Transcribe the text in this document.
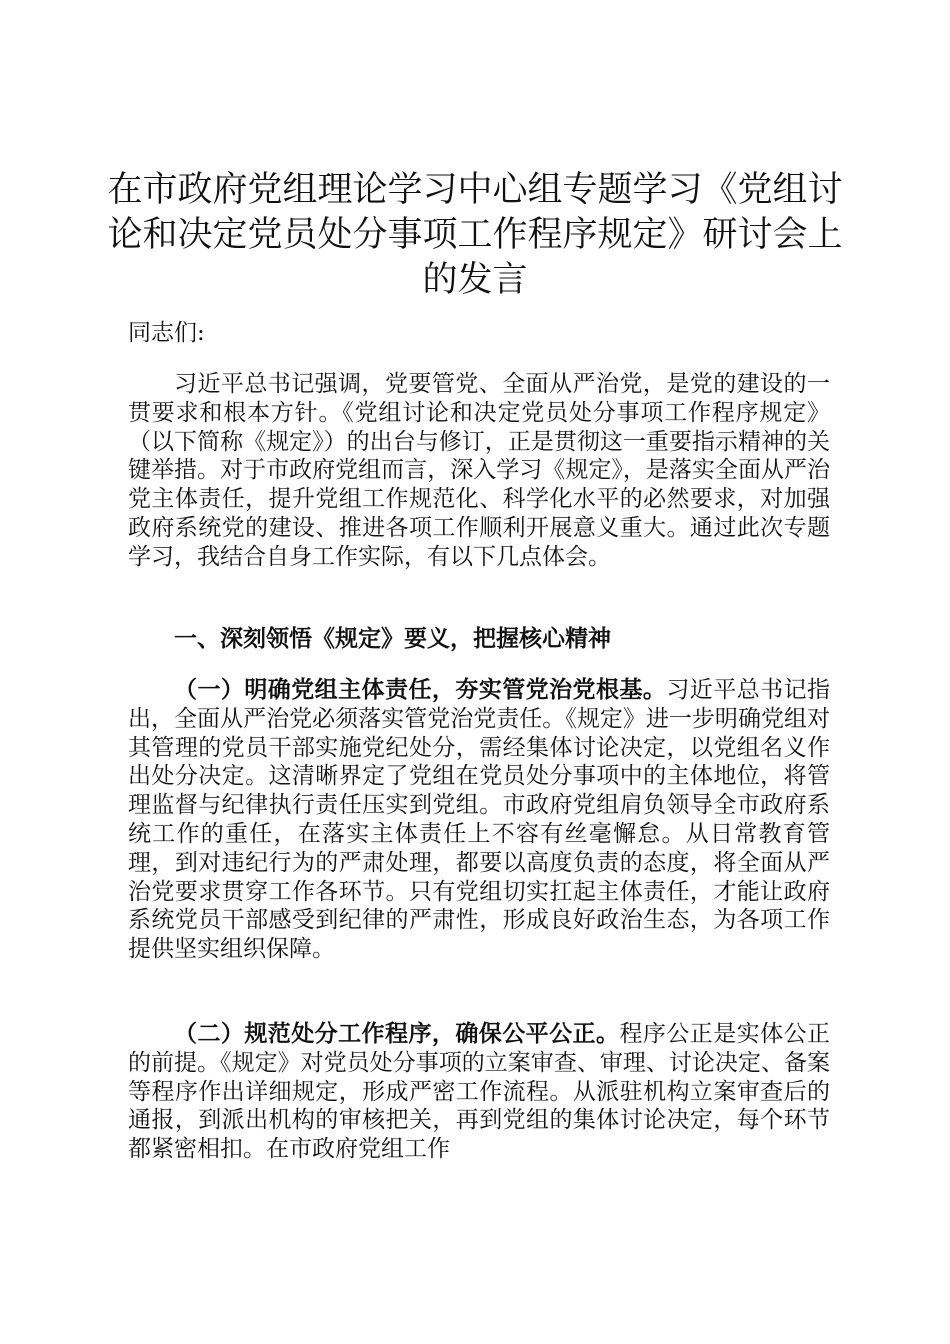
在市政府党组理论学习中心组专题学习《党组讨论和决定党员处分事项工作程序规定》研讨会上的发言

同志们:

习近平总书记强调，党要管党、全面从严治党，是党的建设的一贯要求和根本方针。《党组讨论和决定党员处分事项工作程序规定》（以下简称《规定》）的出台与修订，正是贯彻这一重要指示精神的关键举措。对于市政府党组而言，深入学习《规定》，是落实全面从严治党主体责任，提升党组工作规范化、科学化水平的必然要求，对加强政府系统党的建设、推进各项工作顺利开展意义重大。通过此次专题学习，我结合自身工作实际，有以下几点体会。

一、深刻领悟《规定》要义，把握核心精神

（一）明确党组主体责任，夯实管党治党根基。习近平总书记指出，全面从严治党必须落实管党治党责任。《规定》进一步明确党组对其管理的党员干部实施党纪处分，需经集体讨论决定，以党组名义作出处分决定。这清晰界定了党组在党员处分事项中的主体地位，将管理监督与纪律执行责任压实到党组。市政府党组肩负领导全市政府系统工作的重任，在落实主体责任上不容有丝毫懈怠。从日常教育管理，到对违纪行为的严肃处理，都要以高度负责的态度，将全面从严治党要求贯穿工作各环节。只有党组切实扛起主体责任，才能让政府系统党员干部感受到纪律的严肃性，形成良好政治生态，为各项工作提供坚实组织保障。

（二）规范处分工作程序，确保公平公正。程序公正是实体公正的前提。《规定》对党员处分事项的立案审查、审理、讨论决定、备案等程序作出详细规定，形成严密工作流程。从派驻机构立案审查后的通报，到派出机构的审核把关，再到党组的集体讨论决定，每个环节都紧密相扣。在市政府党组工作
